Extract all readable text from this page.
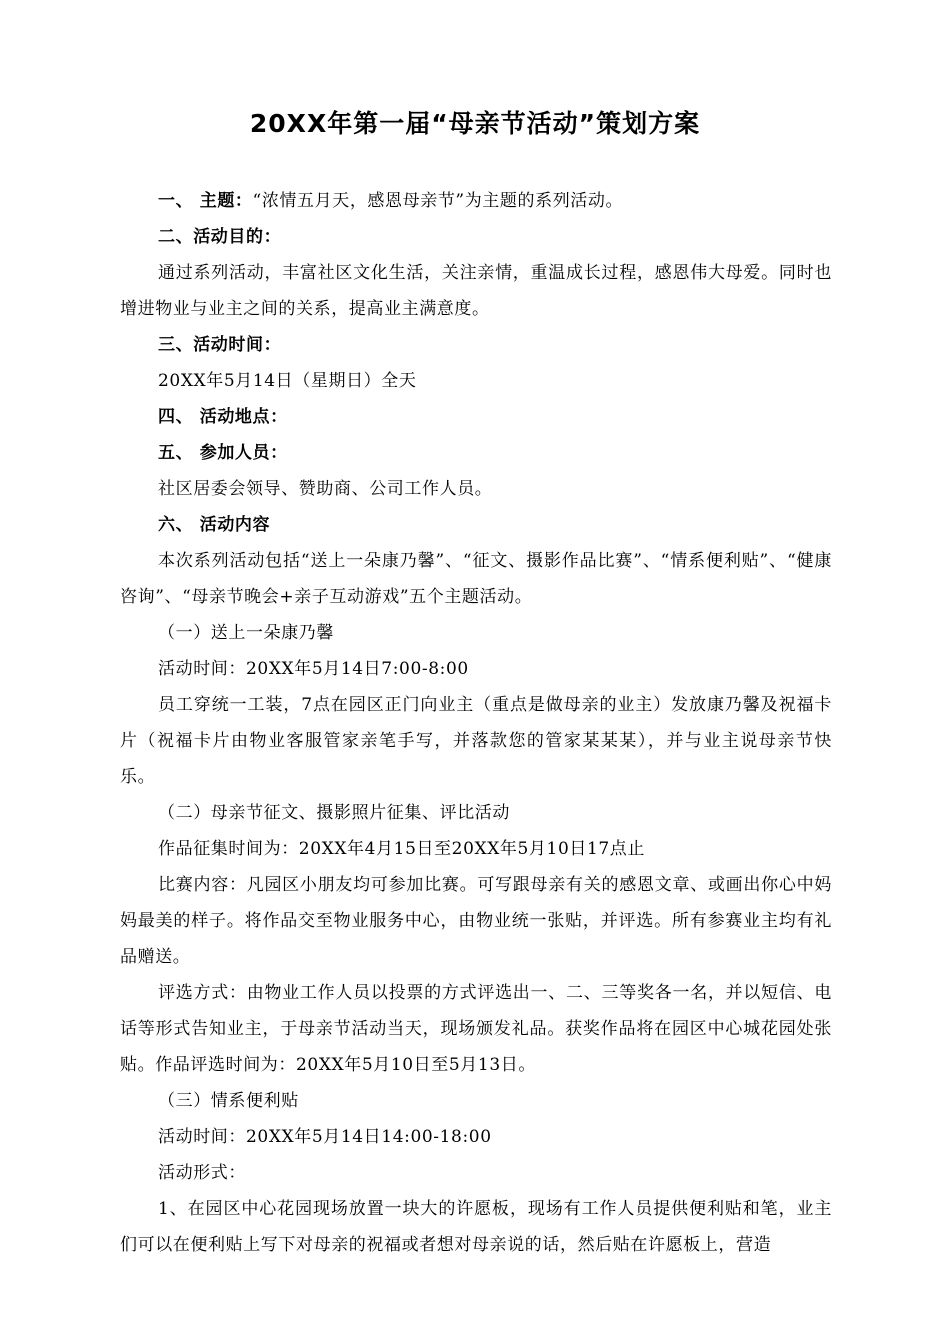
20XX年第一届“母亲节活动”策划方案

一、 主题：“浓情五月天，感恩母亲节”为主题的系列活动。

二、活动目的：

通过系列活动，丰富社区文化生活，关注亲情，重温成长过程，感恩伟大母爱。同时也增进物业与业主之间的关系，提高业主满意度。

三、活动时间：

20XX年5月14日（星期日）全天

四、 活动地点：

五、 参加人员：

社区居委会领导、赞助商、公司工作人员。

六、 活动内容

本次系列活动包括“送上一朵康乃馨”、“征文、摄影作品比赛”、“情系便利贴”、“健康咨询”、“母亲节晚会+亲子互动游戏”五个主题活动。

（一）送上一朵康乃馨

活动时间：20XX年5月14日7:00-8:00

员工穿统一工装，7点在园区正门向业主（重点是做母亲的业主）发放康乃馨及祝福卡片（祝福卡片由物业客服管家亲笔手写，并落款您的管家某某某），并与业主说母亲节快乐。

（二）母亲节征文、摄影照片征集、评比活动

作品征集时间为：20XX年4月15日至20XX年5月10日17点止

比赛内容：凡园区小朋友均可参加比赛。可写跟母亲有关的感恩文章、或画出你心中妈妈最美的样子。将作品交至物业服务中心，由物业统一张贴，并评选。所有参赛业主均有礼品赠送。

评选方式：由物业工作人员以投票的方式评选出一、二、三等奖各一名，并以短信、电话等形式告知业主，于母亲节活动当天，现场颁发礼品。获奖作品将在园区中心城花园处张贴。作品评选时间为：20XX年5月10日至5月13日。

（三）情系便利贴

活动时间：20XX年5月14日14:00-18:00

活动形式：

1、在园区中心花园现场放置一块大的许愿板，现场有工作人员提供便利贴和笔，业主们可以在便利贴上写下对母亲的祝福或者想对母亲说的话，然后贴在许愿板上，营造
